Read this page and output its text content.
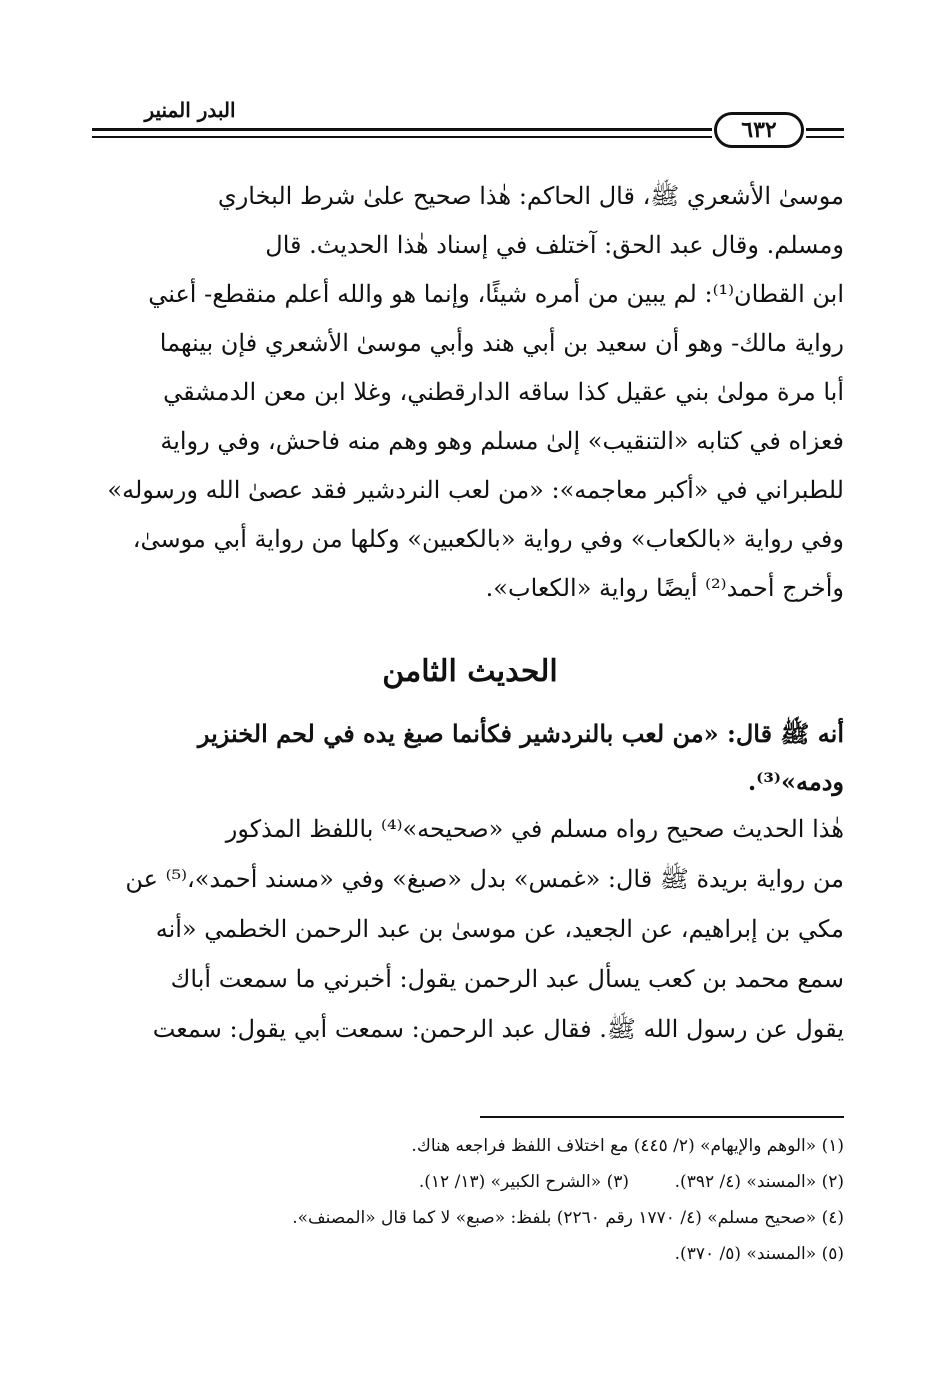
البدر المنير
٦٣٢
موسىٰ الأشعري ﷺ، قال الحاكم: هٰذا صحيح علىٰ شرط البخاري
ومسلم. وقال عبد الحق: آختلف في إسناد هٰذا الحديث. قال
ابن القطان⁽¹⁾: لم يبين من أمره شيئًا، وإنما هو والله أعلم منقطع- أعني
رواية مالك- وهو أن سعيد بن أبي هند وأبي موسىٰ الأشعري فإن بينهما
أبا مرة مولىٰ بني عقيل كذا ساقه الدارقطني، وغلا ابن معن الدمشقي
فعزاه في كتابه «التنقيب» إلىٰ مسلم وهو وهم منه فاحش، وفي رواية
للطبراني في «أكبر معاجمه»: «من لعب النردشير فقد عصىٰ الله ورسوله»
وفي رواية «بالكعاب» وفي رواية «بالكعبين» وكلها من رواية أبي موسىٰ،
وأخرج أحمد⁽²⁾ أيضًا رواية «الكعاب».
الحديث الثامن
أنه ﷺ قال: «من لعب بالنردشير فكأنما صبغ يده في لحم الخنزير
ودمه»⁽³⁾.
هٰذا الحديث صحيح رواه مسلم في «صحيحه»⁽⁴⁾ باللفظ المذكور
من رواية بريدة ﷺ قال: «غمس» بدل «صبغ» وفي «مسند أحمد»،⁽⁵⁾ عن
مكي بن إبراهيم، عن الجعيد، عن موسىٰ بن عبد الرحمن الخطمي «أنه
سمع محمد بن كعب يسأل عبد الرحمن يقول: أخبرني ما سمعت أباك
يقول عن رسول الله ﷺ. فقال عبد الرحمن: سمعت أبي يقول: سمعت
(١) «الوهم والإيهام» (٢/ ٤٤٥) مع اختلاف اللفظ فراجعه هناك.
(٢) «المسند» (٤/ ٣٩٢).
(٣) «الشرح الكبير» (١٣/ ١٢).
(٤) «صحيح مسلم» (٤/ ١٧٧٠ رقم ٢٢٦٠) بلفظ: «صبع» لا كما قال «المصنف».
(٥) «المسند» (٥/ ٣٧٠).
